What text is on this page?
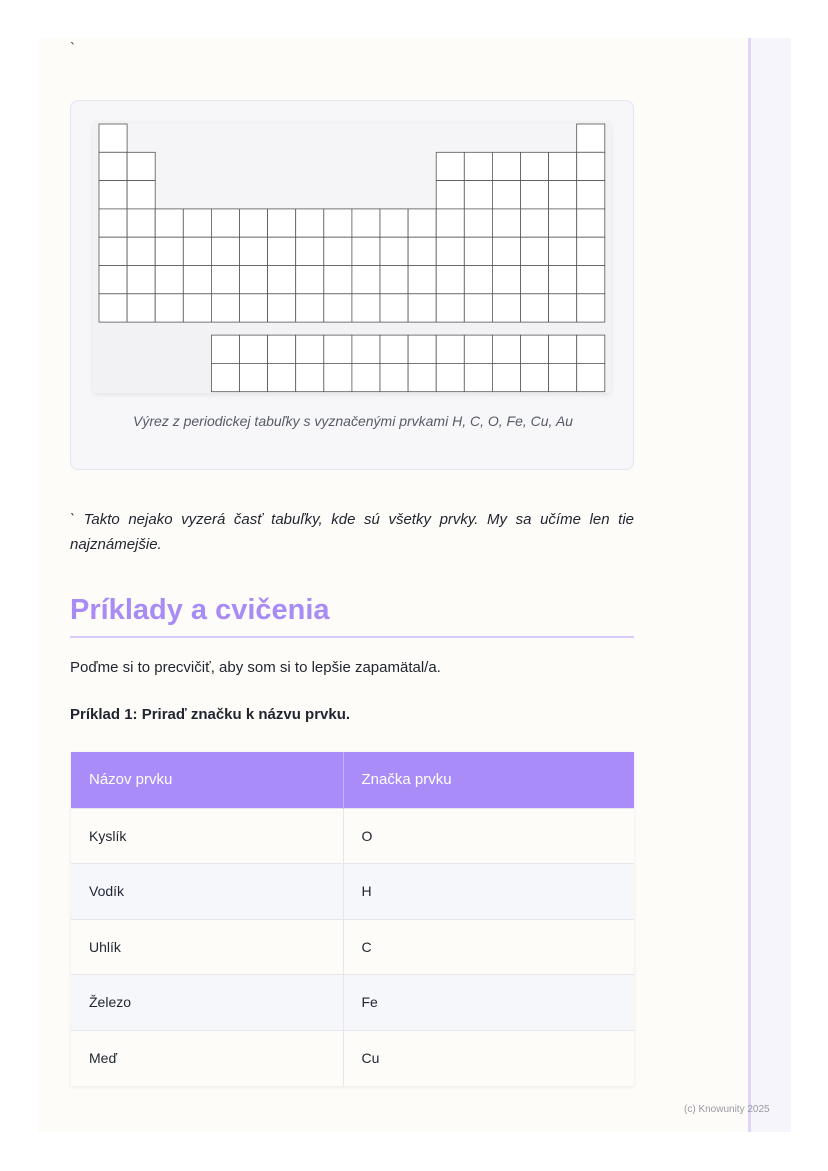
`
Výrez z periodickej tabuľky s vyznačenými prvkami H, C, O, Fe, Cu, Au
` Takto nejako vyzerá časť tabuľky, kde sú všetky prvky. My sa učíme len tie najznámejšie.
Príklady a cvičenia
Poďme si to precvičiť, aby som si to lepšie zapamätal/a.
Príklad 1: Priraď značku k názvu prvku.
Názov prvku	Značka prvku
Kyslík	O
Vodík	H
Uhlík	C
Železo	Fe
Meď	Cu
(c) Knowunity 2025
